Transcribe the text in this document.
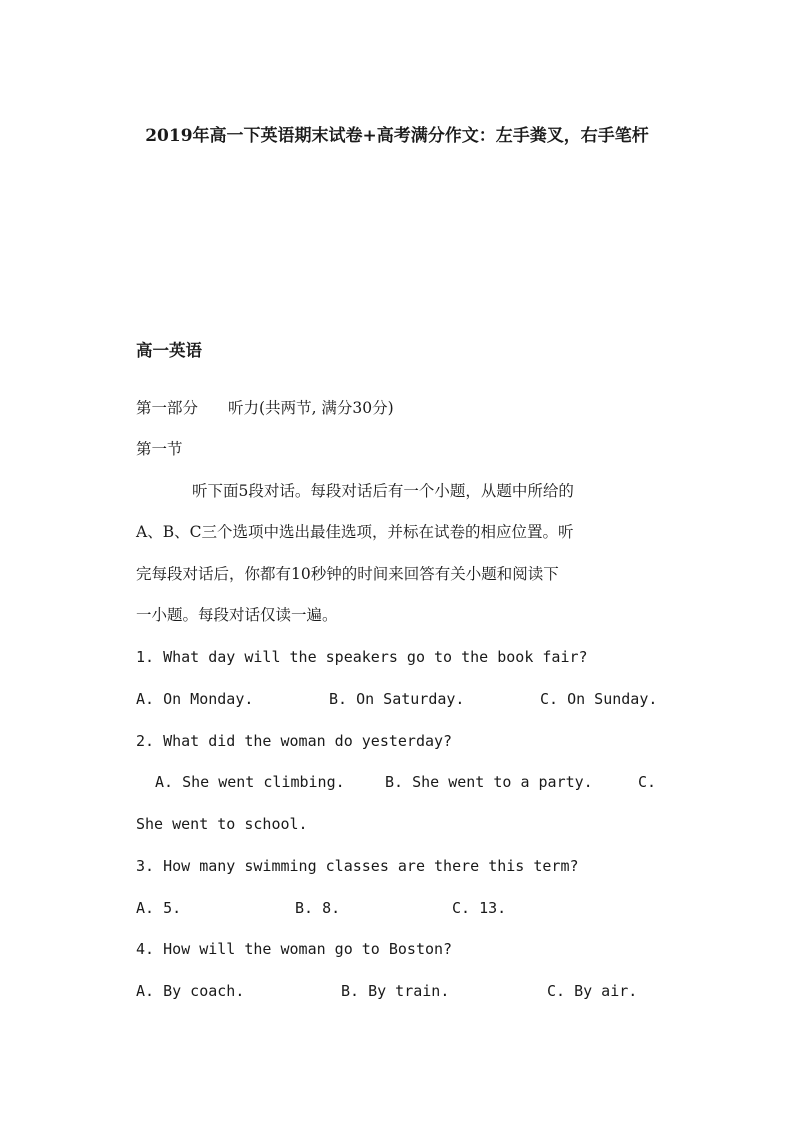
2019年高一下英语期末试卷+高考满分作文：左手粪叉，右手笔杆
高一英语
第一部分 听力(共两节, 满分30分)
第一节
听下面5段对话。每段对话后有一个小题，从题中所给的
A、B、C三个选项中选出最佳选项，并标在试卷的相应位置。听
完每段对话后，你都有10秒钟的时间来回答有关小题和阅读下
一小题。每段对话仅读一遍。
1. What day will the speakers go to the book fair?
A. On Monday.	B. On Saturday.	C. On Sunday.
2. What did the woman do yesterday?
A. She went climbing.	B. She went to a party.	C.
She went to school.
3. How many swimming classes are there this term?
A. 5.	B. 8.	C. 13.
4. How will the woman go to Boston?
A. By coach.	B. By train.	C. By air.
